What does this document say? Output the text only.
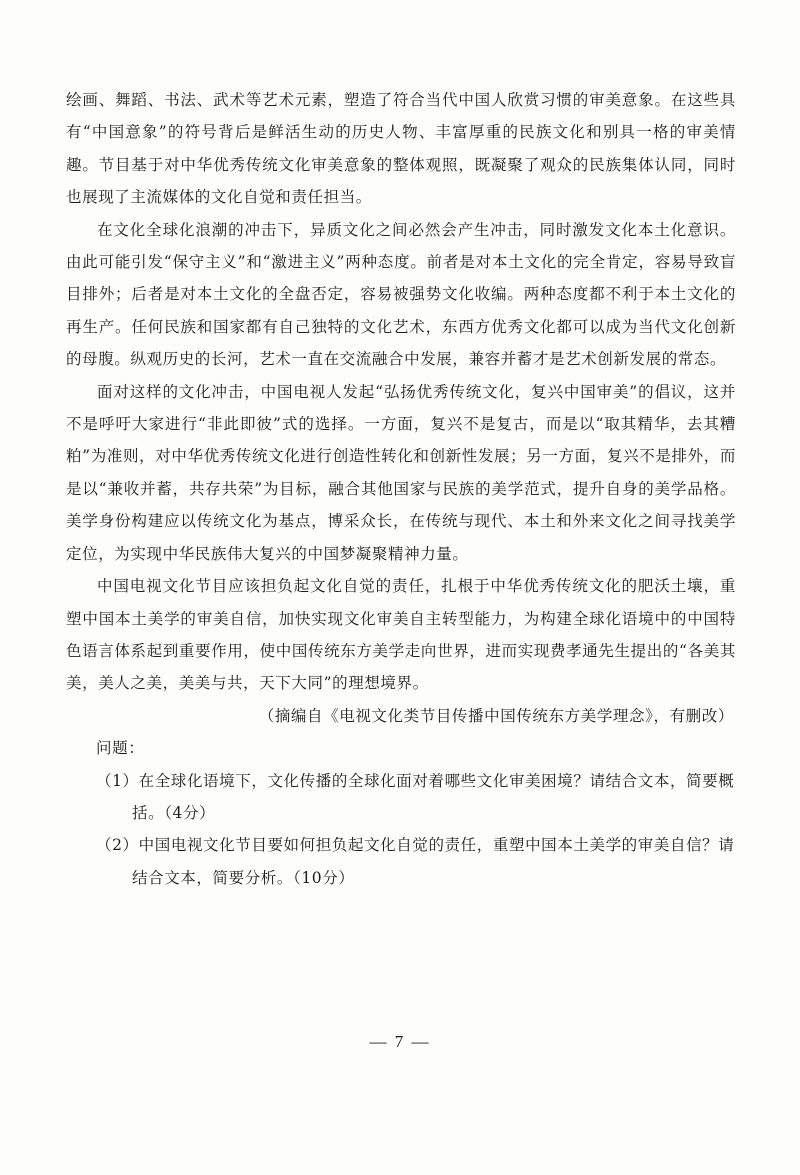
绘画、舞蹈、书法、武术等艺术元素，塑造了符合当代中国人欣赏习惯的审美意象。在这些具有“中国意象”的符号背后是鲜活生动的历史人物、丰富厚重的民族文化和别具一格的审美情趣。节目基于对中华优秀传统文化审美意象的整体观照，既凝聚了观众的民族集体认同，同时也展现了主流媒体的文化自觉和责任担当。

在文化全球化浪潮的冲击下，异质文化之间必然会产生冲击，同时激发文化本土化意识。由此可能引发“保守主义”和“激进主义”两种态度。前者是对本土文化的完全肯定，容易导致盲目排外；后者是对本土文化的全盘否定，容易被强势文化收编。两种态度都不利于本土文化的再生产。任何民族和国家都有自己独特的文化艺术，东西方优秀文化都可以成为当代文化创新的母腹。纵观历史的长河，艺术一直在交流融合中发展，兼容并蓄才是艺术创新发展的常态。

面对这样的文化冲击，中国电视人发起“弘扬优秀传统文化，复兴中国审美”的倡议，这并不是呼吁大家进行“非此即彼”式的选择。一方面，复兴不是复古，而是以“取其精华，去其糟粕”为准则，对中华优秀传统文化进行创造性转化和创新性发展；另一方面，复兴不是排外，而是以“兼收并蓄，共存共荣”为目标，融合其他国家与民族的美学范式，提升自身的美学品格。美学身份构建应以传统文化为基点，博采众长，在传统与现代、本土和外来文化之间寻找美学定位，为实现中华民族伟大复兴的中国梦凝聚精神力量。

中国电视文化节目应该担负起文化自觉的责任，扎根于中华优秀传统文化的肥沃土壤，重塑中国本土美学的审美自信，加快实现文化审美自主转型能力，为构建全球化语境中的中国特色语言体系起到重要作用，使中国传统东方美学走向世界，进而实现费孝通先生提出的“各美其美，美人之美，美美与共，天下大同”的理想境界。

（摘编自《电视文化类节目传播中国传统东方美学理念》，有删改）

问题：

（1）在全球化语境下，文化传播的全球化面对着哪些文化审美困境？请结合文本，简要概括。（4分）

（2）中国电视文化节目要如何担负起文化自觉的责任，重塑中国本土美学的审美自信？请结合文本，简要分析。（10分）

— 7 —
